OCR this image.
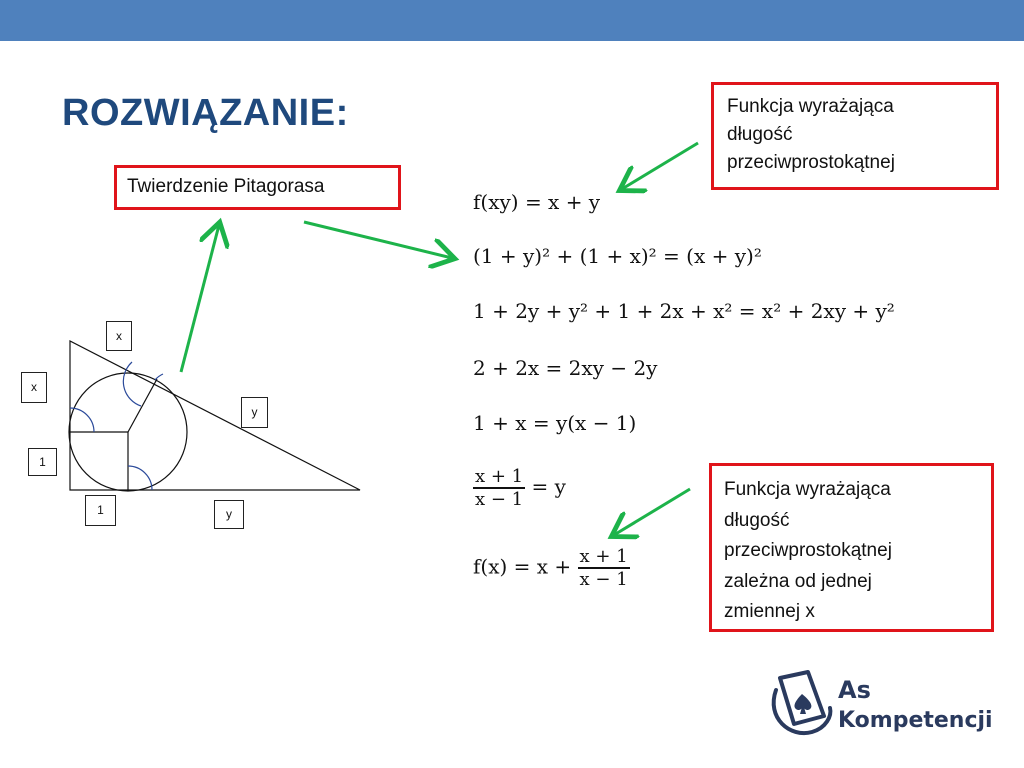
ROZWIĄZANIE:
Twierdzenie Pitagorasa
Funkcja wyrażająca
długość
przeciwprostokątnej
Funkcja wyrażająca
długość
przeciwprostokątnej
zależna od jednej
zmiennej x
f(xy) = x + y
(1 + y)² + (1 + x)² = (x + y)²
1 + 2y + y² + 1 + 2x + x² = x² + 2xy + y²
2 + 2x = 2xy − 2y
1 + x = y(x − 1)
$\frac{x + 1}{x - 1} = y$
$f(x) = x + \frac{x + 1}{x - 1}$
x
x
y
1
1	y
As
Kompetencji
